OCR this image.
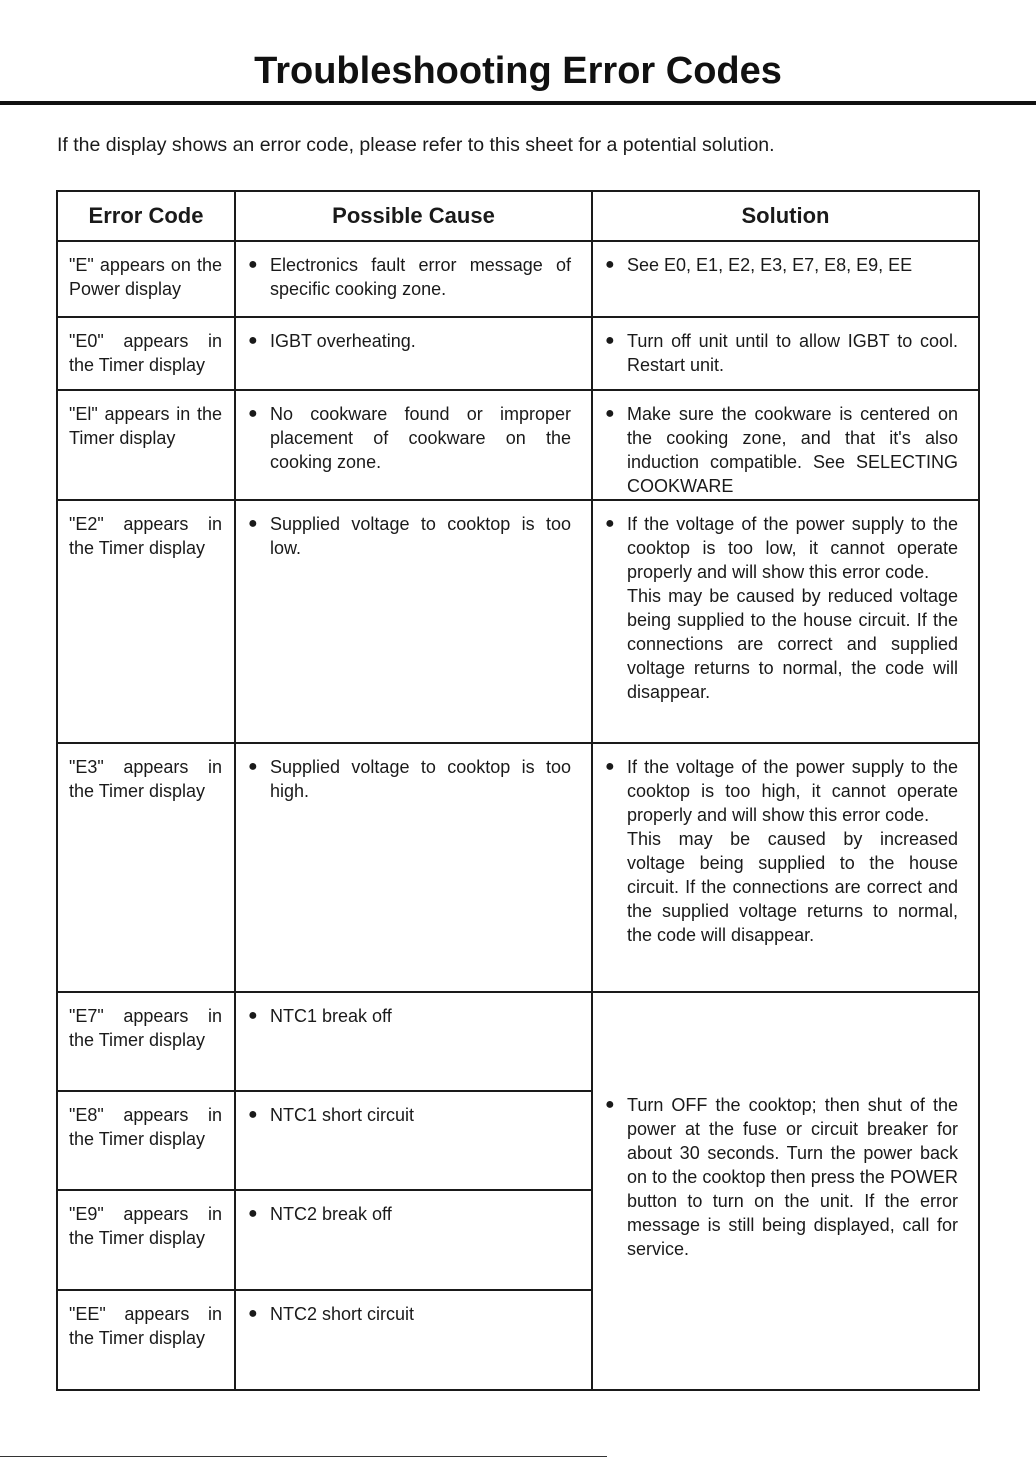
Troubleshooting Error Codes

If the display shows an error code, please refer to this sheet for a potential solution.

Error Code	Possible Cause	Solution
"E" appears on the Power display	● Electronics fault error message of specific cooking zone.	● See E0, E1, E2, E3, E7, E8, E9, EE

"E0" appears in the Timer display	● IGBT overheating.	● Turn off unit until to allow IGBT to cool. Restart unit.

"El" appears in the Timer display	● No cookware found or improper placement of cookware on the cooking zone.	● Make sure the cookware is centered on the cooking zone, and that it's also induction compatible. See SELECTING COOKWARE

"E2" appears in the Timer display	● Supplied voltage to cooktop is too low.	● If the voltage of the power supply to the cooktop is too low, it cannot operate properly and will show this error code.
This may be caused by reduced voltage being supplied to the house circuit. If the connections are correct and supplied voltage returns to normal, the code will disappear.

"E3" appears in the Timer display	● Supplied voltage to cooktop is too high.	● If the voltage of the power supply to the cooktop is too high, it cannot operate properly and will show this error code.
This may be caused by increased voltage being supplied to the house circuit. If the connections are correct and the supplied voltage returns to normal, the code will disappear.

"E7" appears in the Timer display	● NTC1 break off	● Turn OFF the cooktop; then shut of the power at the fuse or circuit breaker for about 30 seconds. Turn the power back on to the cooktop then press the POWER button to turn on the unit. If the error message is still being displayed, call for service.

"E8" appears in the Timer display	● NTC1 short circuit	

"E9" appears in the Timer display	● NTC2 break off	

"EE" appears in the Timer display	● NTC2 short circuit	
